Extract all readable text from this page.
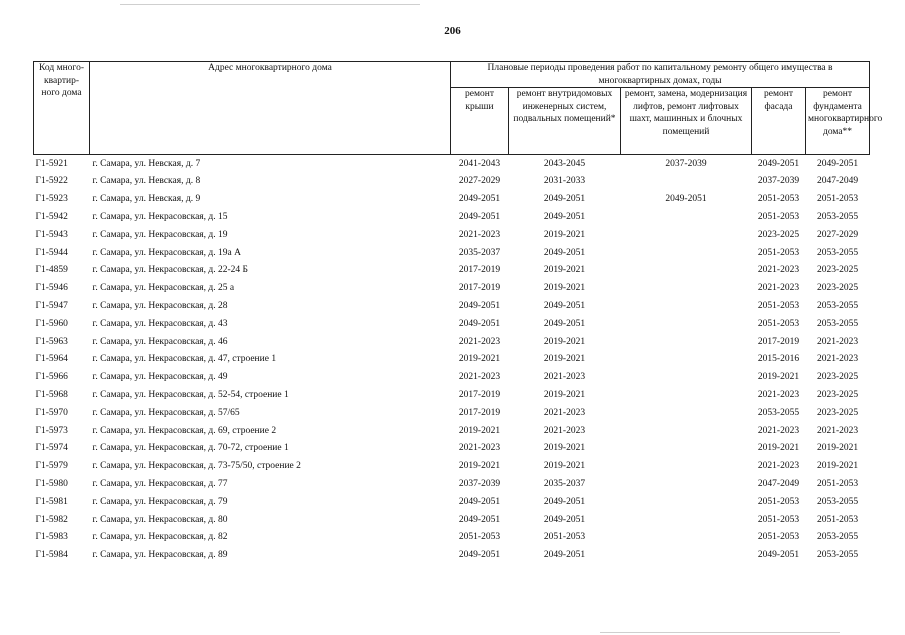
206
Код много-квартир-ного дома	Адрес многоквартирного дома	Плановые периоды проведения работ по капитальному ремонту общего имущества в многоквартирных домах, годы				
		ремонт крыши	ремонт внутридомовых инженерных систем, подвальных помещений*	ремонт, замена, модернизация лифтов, ремонт лифтовых шахт, машинных и блочных помещений	ремонт фасада	ремонт фундамента многоквартирного дома**
Г1-5921	г. Самара, ул. Невская, д. 7	2041-2043	2043-2045	2037-2039	2049-2051	2049-2051
Г1-5922	г. Самара, ул. Невская, д. 8	2027-2029	2031-2033		2037-2039	2047-2049
Г1-5923	г. Самара, ул. Невская, д. 9	2049-2051	2049-2051	2049-2051	2051-2053	2051-2053
Г1-5942	г. Самара, ул. Некрасовская, д. 15	2049-2051	2049-2051		2051-2053	2053-2055
Г1-5943	г. Самара, ул. Некрасовская, д. 19	2021-2023	2019-2021		2023-2025	2027-2029
Г1-5944	г. Самара, ул. Некрасовская, д. 19а А	2035-2037	2049-2051		2051-2053	2053-2055
Г1-4859	г. Самара, ул. Некрасовская, д. 22-24 Б	2017-2019	2019-2021		2021-2023	2023-2025
Г1-5946	г. Самара, ул. Некрасовская, д. 25 а	2017-2019	2019-2021		2021-2023	2023-2025
Г1-5947	г. Самара, ул. Некрасовская, д. 28	2049-2051	2049-2051		2051-2053	2053-2055
Г1-5960	г. Самара, ул. Некрасовская, д. 43	2049-2051	2049-2051		2051-2053	2053-2055
Г1-5963	г. Самара, ул. Некрасовская, д. 46	2021-2023	2019-2021		2017-2019	2021-2023
Г1-5964	г. Самара, ул. Некрасовская, д. 47, строение 1	2019-2021	2019-2021		2015-2016	2021-2023
Г1-5966	г. Самара, ул. Некрасовская, д. 49	2021-2023	2021-2023		2019-2021	2023-2025
Г1-5968	г. Самара, ул. Некрасовская, д. 52-54, строение 1	2017-2019	2019-2021		2021-2023	2023-2025
Г1-5970	г. Самара, ул. Некрасовская, д. 57/65	2017-2019	2021-2023		2053-2055	2023-2025
Г1-5973	г. Самара, ул. Некрасовская, д. 69, строение 2	2019-2021	2021-2023		2021-2023	2021-2023
Г1-5974	г. Самара, ул. Некрасовская, д. 70-72, строение 1	2021-2023	2019-2021		2019-2021	2019-2021
Г1-5979	г. Самара, ул. Некрасовская, д. 73-75/50, строение 2	2019-2021	2019-2021		2021-2023	2019-2021
Г1-5980	г. Самара, ул. Некрасовская, д. 77	2037-2039	2035-2037		2047-2049	2051-2053
Г1-5981	г. Самара, ул. Некрасовская, д. 79	2049-2051	2049-2051		2051-2053	2053-2055
Г1-5982	г. Самара, ул. Некрасовская, д. 80	2049-2051	2049-2051		2051-2053	2051-2053
Г1-5983	г. Самара, ул. Некрасовская, д. 82	2051-2053	2051-2053		2051-2053	2053-2055
Г1-5984	г. Самара, ул. Некрасовская, д. 89	2049-2051	2049-2051		2049-2051	2053-2055
